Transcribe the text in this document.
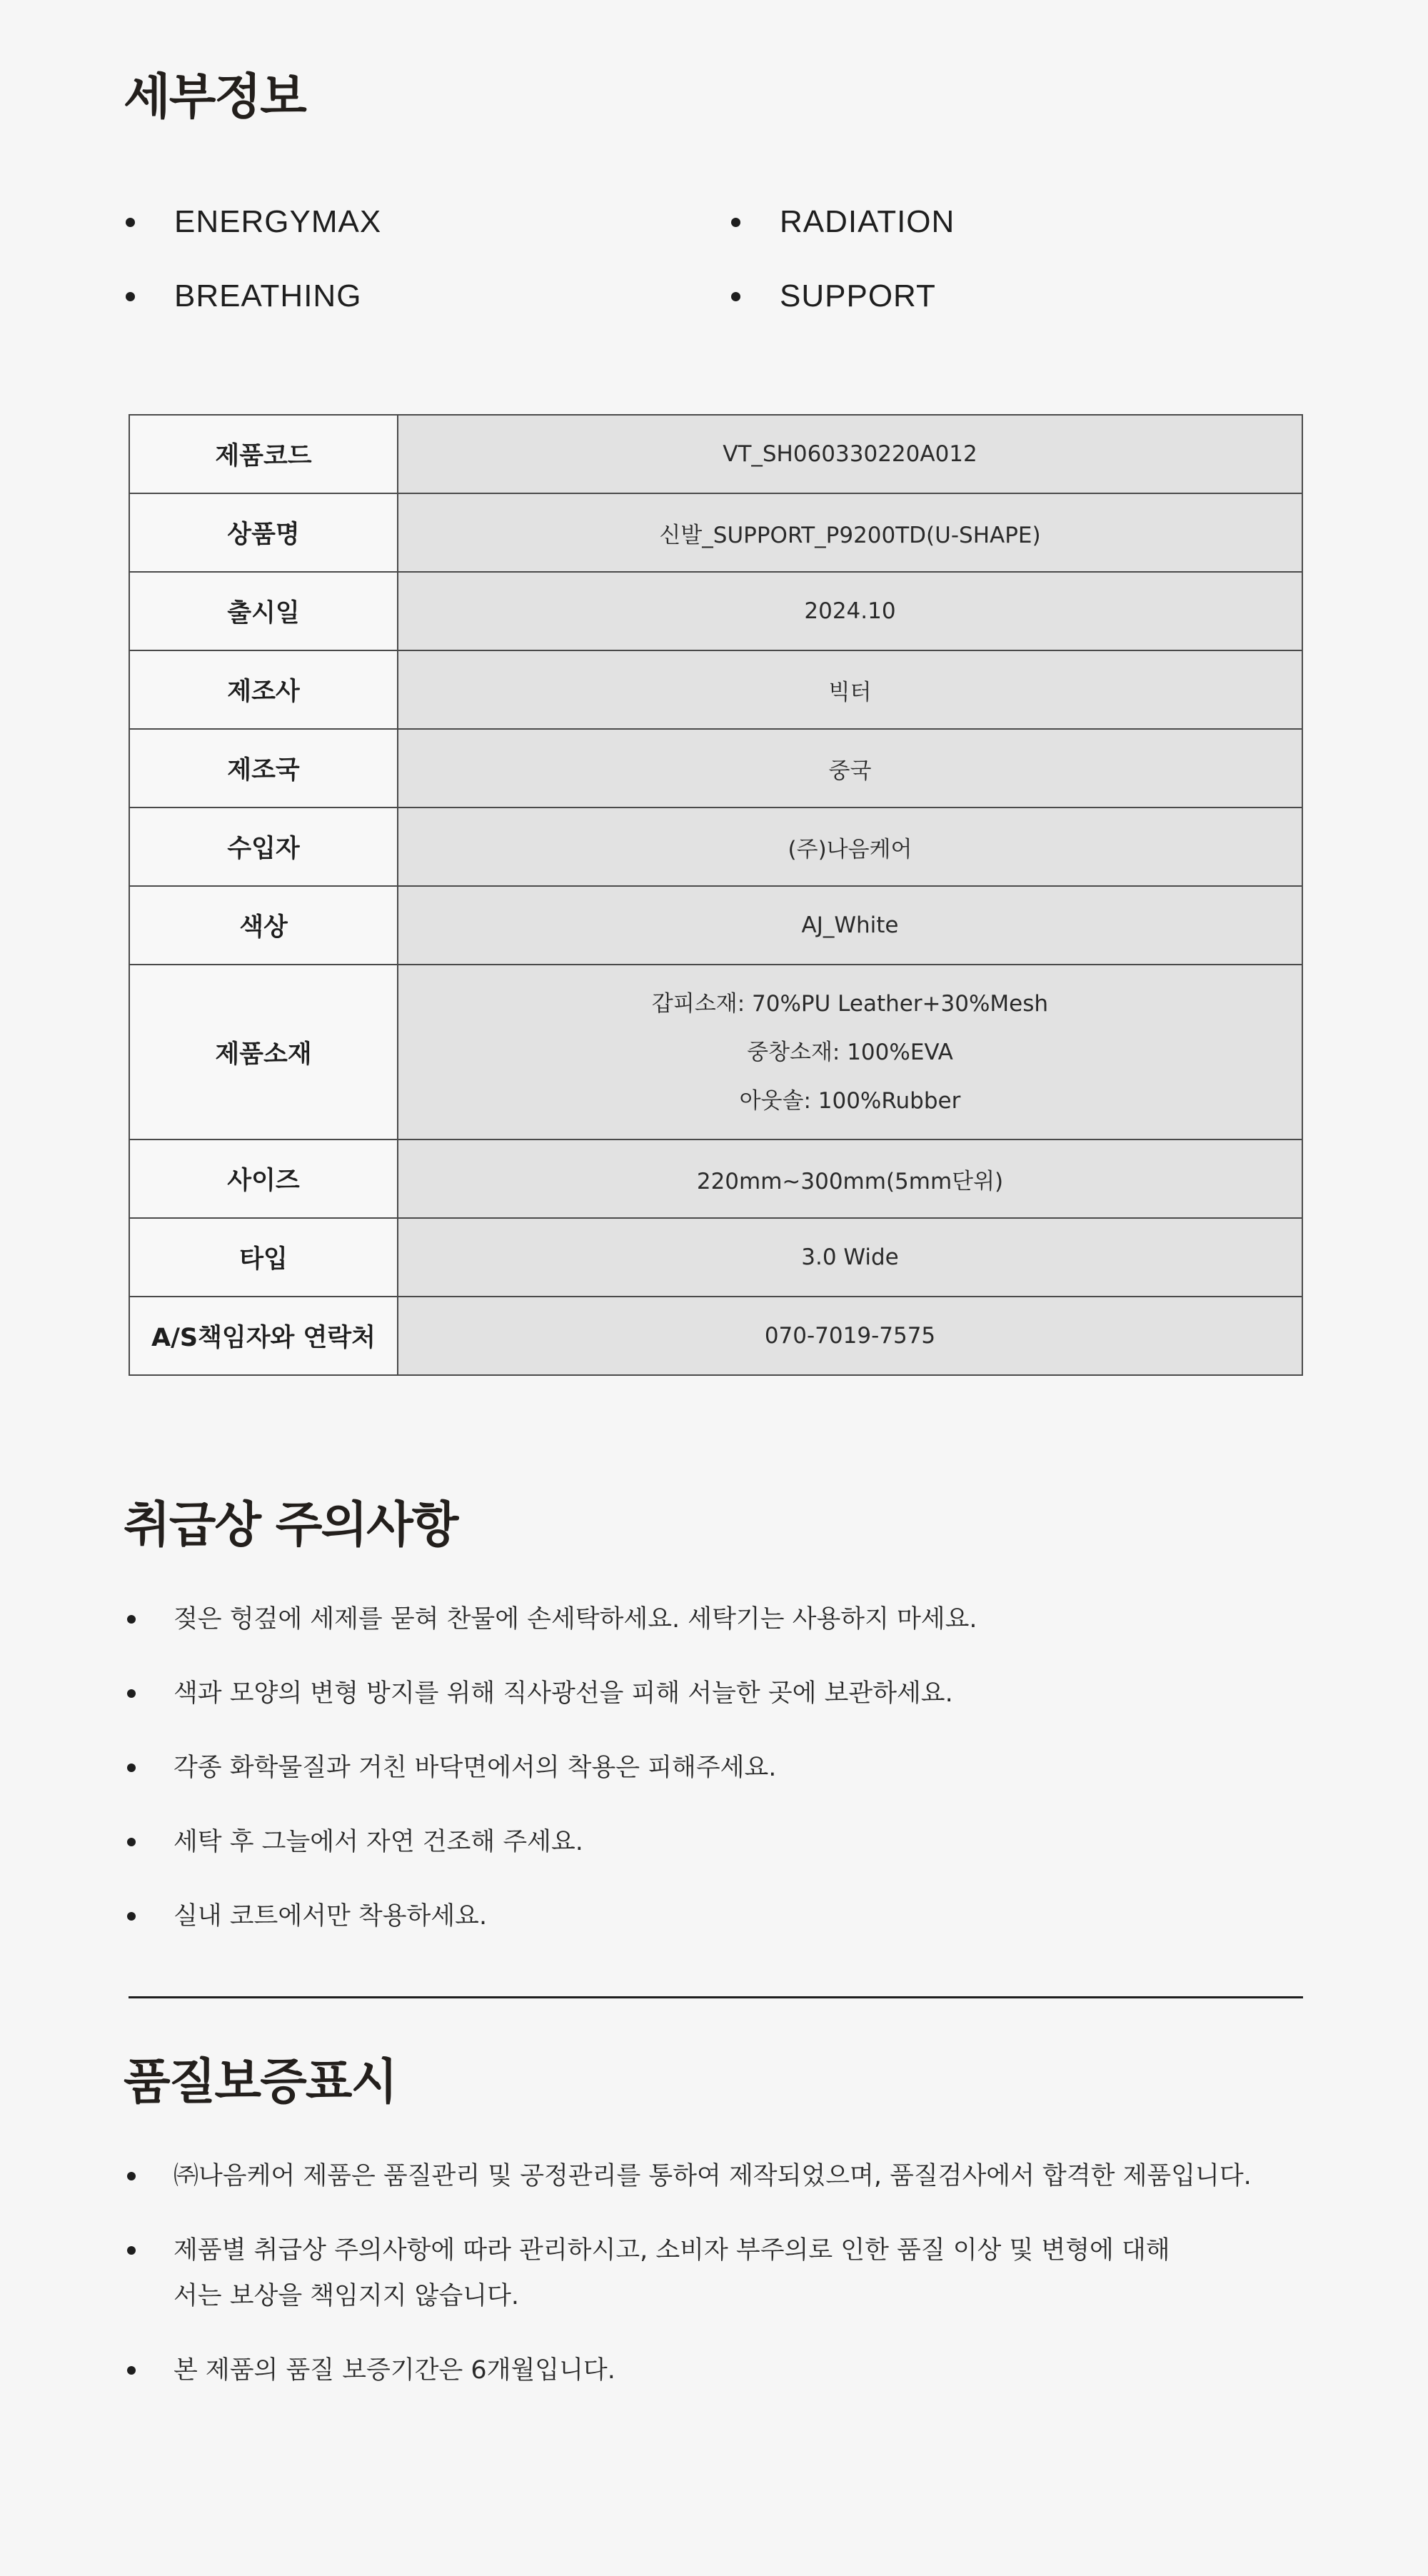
세부정보
ENERGYMAX	RADIATION
BREATHING	SUPPORT
제품코드	VT_SH060330220A012
상품명	신발_SUPPORT_P9200TD(U-SHAPE)
출시일	2024.10
제조사	빅터
제조국	중국
수입자	(주)나음케어
색상	AJ_White
제품소재	갑피소재: 70%PU Leather+30%Mesh
중창소재: 100%EVA
아웃솔: 100%Rubber

사이즈	220mm~300mm(5mm단위)
타입	3.0 Wide
A/S책임자와 연락처	070-7019-7575
취급상 주의사항
젖은 헝겊에 세제를 묻혀 찬물에 손세탁하세요. 세탁기는 사용하지 마세요.
색과 모양의 변형 방지를 위해 직사광선을 피해 서늘한 곳에 보관하세요.
각종 화학물질과 거친 바닥면에서의 착용은 피해주세요.
세탁 후 그늘에서 자연 건조해 주세요.
실내 코트에서만 착용하세요.
품질보증표시
㈜나음케어 제품은 품질관리 및 공정관리를 통하여 제작되었으며, 품질검사에서 합격한 제품입니다.
제품별 취급상 주의사항에 따라 관리하시고, 소비자 부주의로 인한 품질 이상 및 변형에 대해서는 보상을 책임지지 않습니다.
본 제품의 품질 보증기간은 6개월입니다.
